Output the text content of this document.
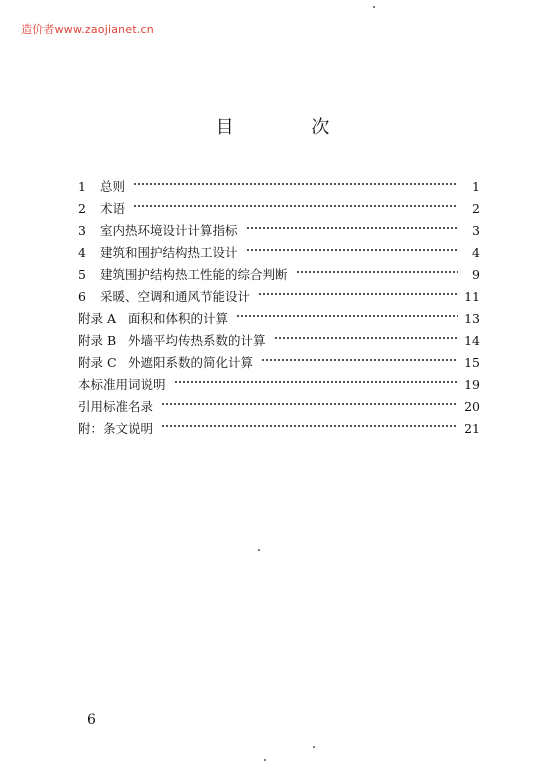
造价者www.zaojianet.cn
目 次
1	总则	1
2	术语	2
3	室内热环境设计计算指标	3
4	建筑和围护结构热工设计	4
5	建筑围护结构热工性能的综合判断	9
6	采暖、空调和通风节能设计	11
附录 A 面积和体积的计算	13
附录 B 外墙平均传热系数的计算	14
附录 C 外遮阳系数的简化计算	15
本标准用词说明	19
引用标准名录	20
附：条文说明	21
6
